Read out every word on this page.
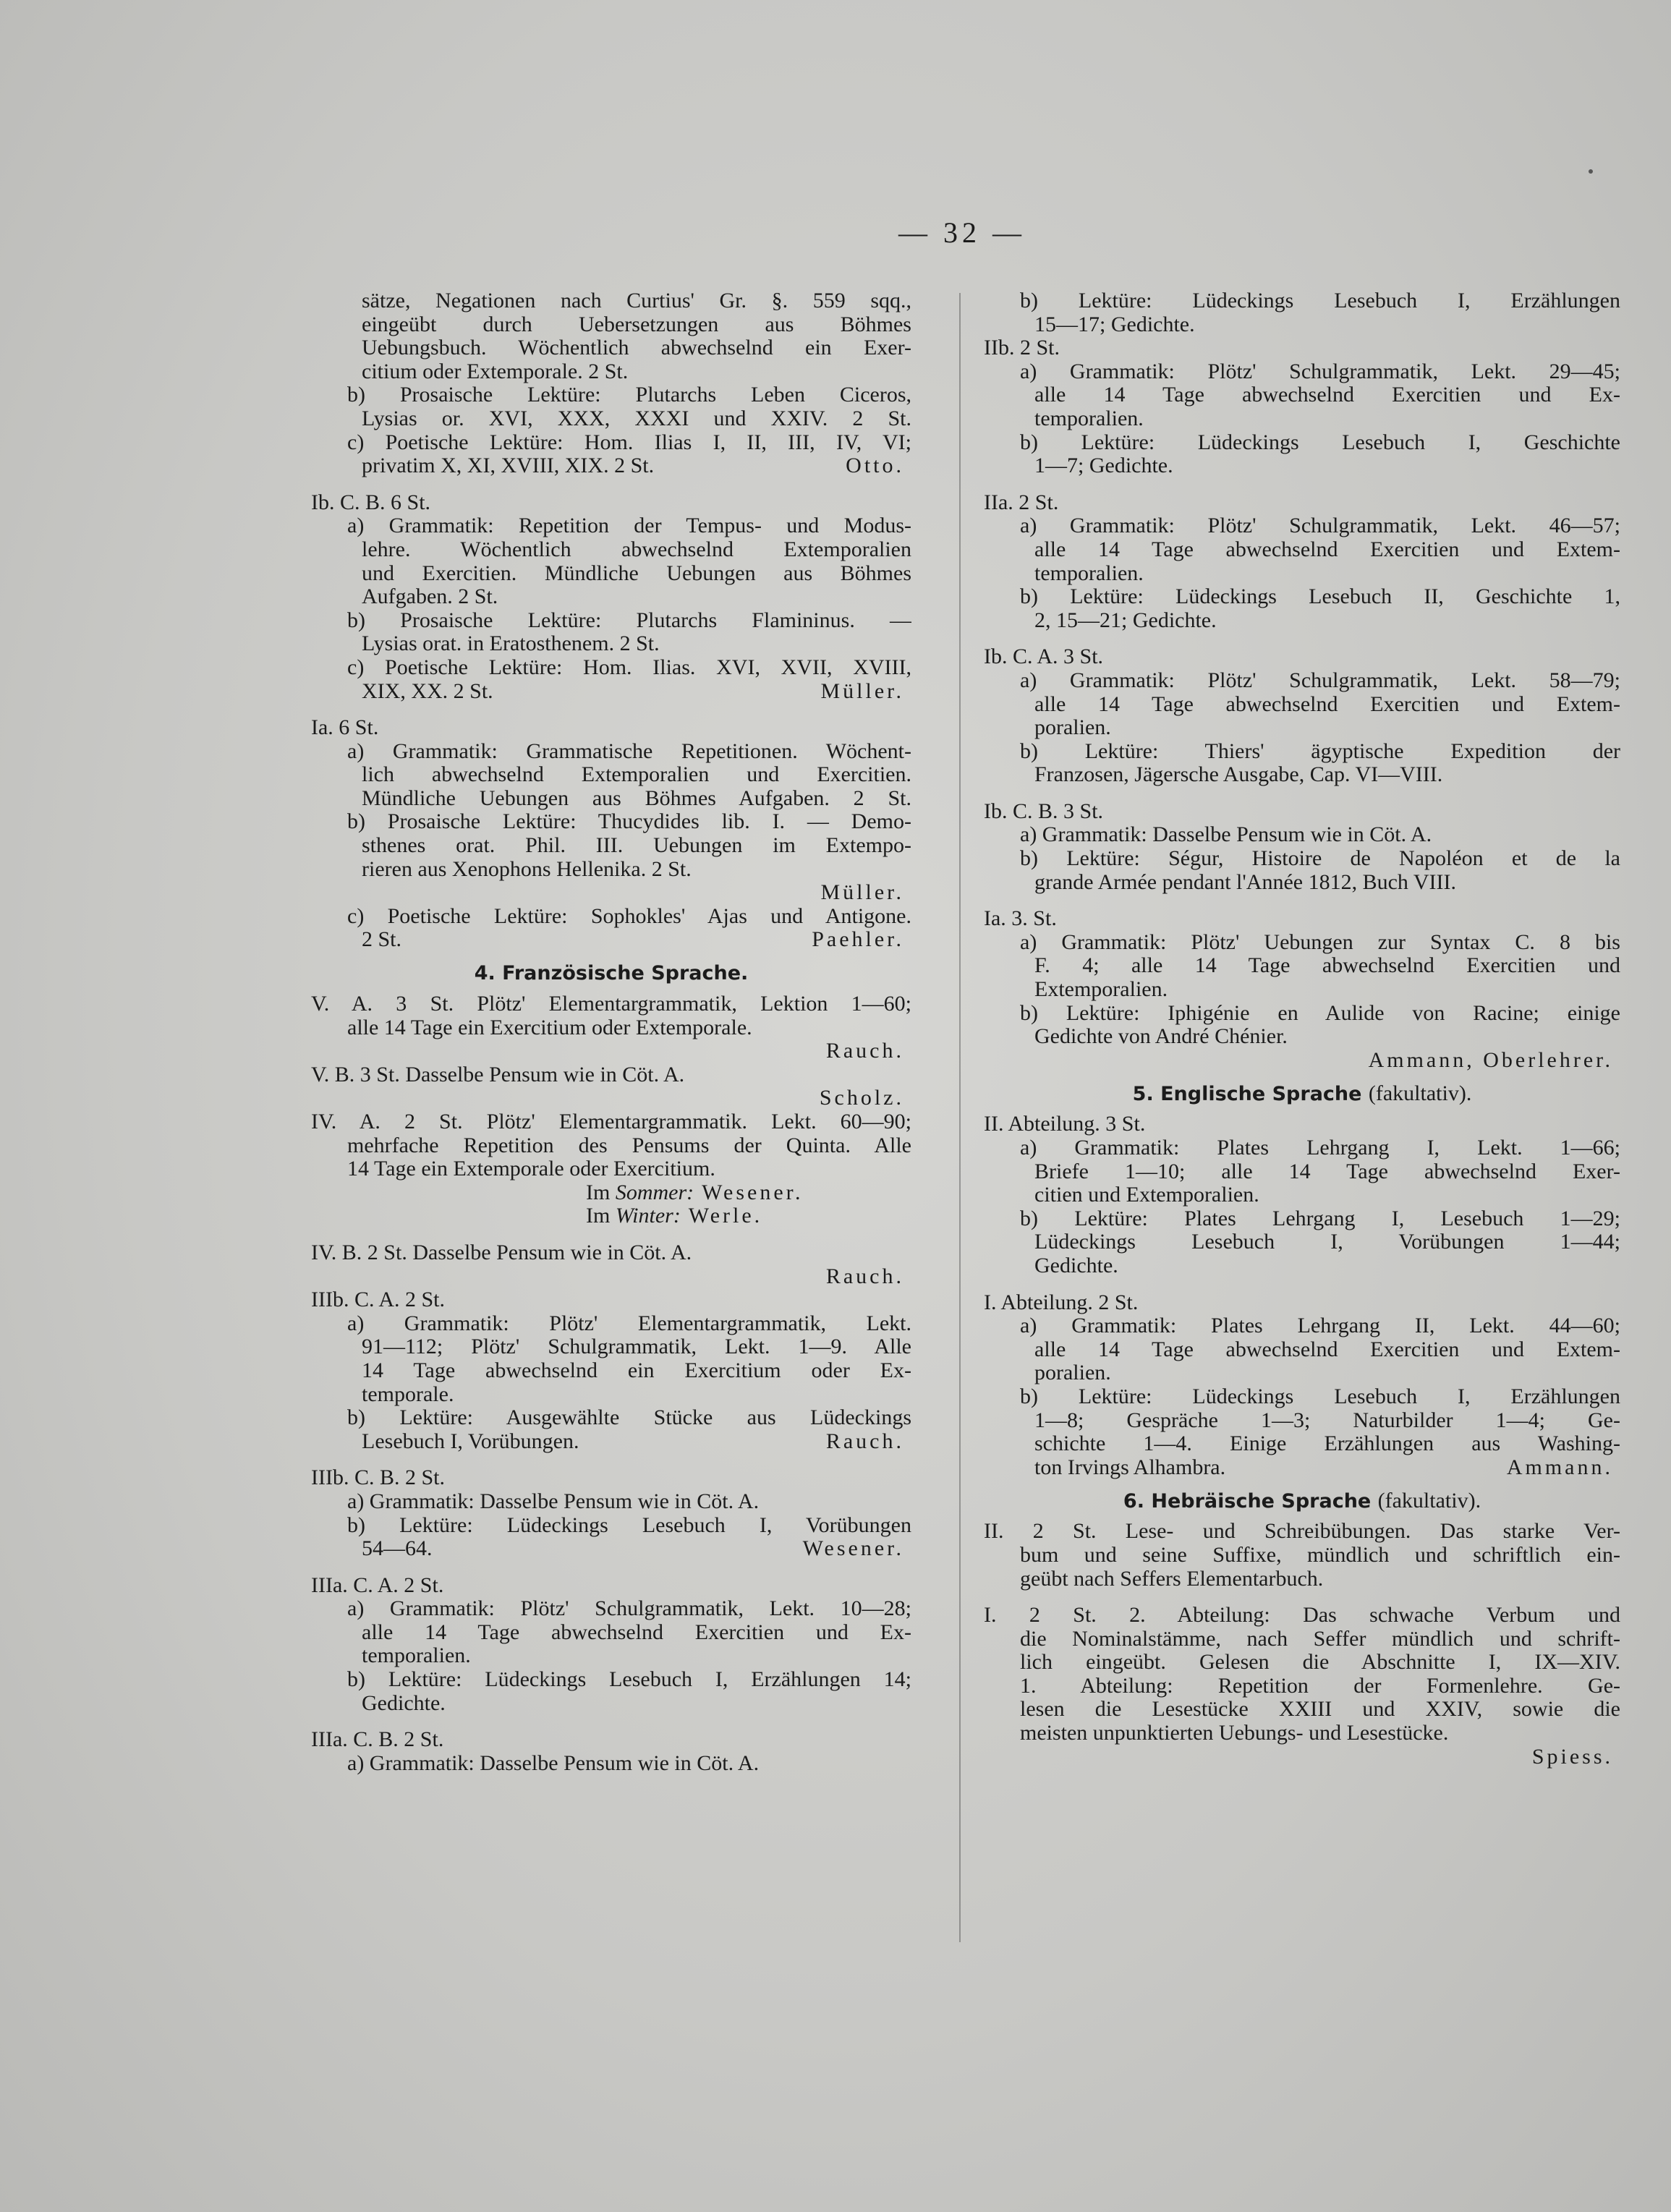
— 32 —
sätze, Negationen nach Curtius' Gr. §. 559 sqq.,
eingeübt durch Uebersetzungen aus Böhmes
Uebungsbuch. Wöchentlich abwechselnd ein Exer-
citium oder Extemporale. 2 St.
b) Prosaische Lektüre: Plutarchs Leben Ciceros,
Lysias or. XVI, XXX, XXXI und XXIV. 2 St.
c) Poetische Lektüre: Hom. Ilias I, II, III, IV, VI;
privatim X, XI, XVIII, XIX. 2 St.	Otto.
Ib. C. B. 6 St.
a) Grammatik: Repetition der Tempus- und Modus-
lehre. Wöchentlich abwechselnd Extemporalien
und Exercitien. Mündliche Uebungen aus Böhmes
Aufgaben. 2 St.
b) Prosaische Lektüre: Plutarchs Flamininus. —
Lysias orat. in Eratosthenem. 2 St.
c) Poetische Lektüre: Hom. Ilias. XVI, XVII, XVIII,
XIX, XX. 2 St.	Müller.
Ia. 6 St.
a) Grammatik: Grammatische Repetitionen. Wöchent-
lich abwechselnd Extemporalien und Exercitien.
Mündliche Uebungen aus Böhmes Aufgaben. 2 St.
b) Prosaische Lektüre: Thucydides lib. I. — Demo-
sthenes orat. Phil. III. Uebungen im Extempo-
rieren aus Xenophons Hellenika. 2 St.
Müller.
c) Poetische Lektüre: Sophokles' Ajas und Antigone.
2 St.	Paehler.
4. Französische Sprache.
V. A. 3 St. Plötz' Elementargrammatik, Lektion 1—60;
alle 14 Tage ein Exercitium oder Extemporale.
Rauch.
V. B. 3 St. Dasselbe Pensum wie in Cöt. A.
Scholz.
IV. A. 2 St. Plötz' Elementargrammatik. Lekt. 60—90;
mehrfache Repetition des Pensums der Quinta. Alle
14 Tage ein Extemporale oder Exercitium.
Im Sommer: Wesener.
Im Winter: Werle.
IV. B. 2 St. Dasselbe Pensum wie in Cöt. A.
Rauch.
IIIb. C. A. 2 St.
a) Grammatik: Plötz' Elementargrammatik, Lekt.
91—112; Plötz' Schulgrammatik, Lekt. 1—9. Alle
14 Tage abwechselnd ein Exercitium oder Ex-
temporale.
b) Lektüre: Ausgewählte Stücke aus Lüdeckings
Lesebuch I, Vorübungen.	Rauch.
IIIb. C. B. 2 St.
a) Grammatik: Dasselbe Pensum wie in Cöt. A.
b) Lektüre: Lüdeckings Lesebuch I, Vorübungen
54—64.	Wesener.
IIIa. C. A. 2 St.
a) Grammatik: Plötz' Schulgrammatik, Lekt. 10—28;
alle 14 Tage abwechselnd Exercitien und Ex-
temporalien.
b) Lektüre: Lüdeckings Lesebuch I, Erzählungen 14;
Gedichte.
IIIa. C. B. 2 St.
a) Grammatik: Dasselbe Pensum wie in Cöt. A.
b) Lektüre: Lüdeckings Lesebuch I, Erzählungen
15—17; Gedichte.
IIb. 2 St.
a) Grammatik: Plötz' Schulgrammatik, Lekt. 29—45;
alle 14 Tage abwechselnd Exercitien und Ex-
temporalien.
b) Lektüre: Lüdeckings Lesebuch I, Geschichte
1—7; Gedichte.
IIa. 2 St.
a) Grammatik: Plötz' Schulgrammatik, Lekt. 46—57;
alle 14 Tage abwechselnd Exercitien und Extem-
temporalien.
b) Lektüre: Lüdeckings Lesebuch II, Geschichte 1,
2, 15—21; Gedichte.
Ib. C. A. 3 St.
a) Grammatik: Plötz' Schulgrammatik, Lekt. 58—79;
alle 14 Tage abwechselnd Exercitien und Extem-
poralien.
b) Lektüre: Thiers' ägyptische Expedition der
Franzosen, Jägersche Ausgabe, Cap. VI—VIII.
Ib. C. B. 3 St.
a) Grammatik: Dasselbe Pensum wie in Cöt. A.
b) Lektüre: Ségur, Histoire de Napoléon et de la
grande Armée pendant l'Année 1812, Buch VIII.
Ia. 3. St.
a) Grammatik: Plötz' Uebungen zur Syntax C. 8 bis
F. 4; alle 14 Tage abwechselnd Exercitien und
Extemporalien.
b) Lektüre: Iphigénie en Aulide von Racine; einige
Gedichte von André Chénier.
Ammann, Oberlehrer.
5. Englische Sprache (fakultativ).
II. Abteilung. 3 St.
a) Grammatik: Plates Lehrgang I, Lekt. 1—66;
Briefe 1—10; alle 14 Tage abwechselnd Exer-
citien und Extemporalien.
b) Lektüre: Plates Lehrgang I, Lesebuch 1—29;
Lüdeckings Lesebuch I, Vorübungen 1—44;
Gedichte.
I. Abteilung. 2 St.
a) Grammatik: Plates Lehrgang II, Lekt. 44—60;
alle 14 Tage abwechselnd Exercitien und Extem-
poralien.
b) Lektüre: Lüdeckings Lesebuch I, Erzählungen
1—8; Gespräche 1—3; Naturbilder 1—4; Ge-
schichte 1—4. Einige Erzählungen aus Washing-
ton Irvings Alhambra.	Ammann.
6. Hebräische Sprache (fakultativ).
II. 2 St. Lese- und Schreibübungen. Das starke Ver-
bum und seine Suffixe, mündlich und schriftlich ein-
geübt nach Seffers Elementarbuch.
I. 2 St. 2. Abteilung: Das schwache Verbum und
die Nominalstämme, nach Seffer mündlich und schrift-
lich eingeübt. Gelesen die Abschnitte I, IX—XIV.
1. Abteilung: Repetition der Formenlehre. Ge-
lesen die Lesestücke XXIII und XXIV, sowie die
meisten unpunktierten Uebungs- und Lesestücke.
Spiess.
